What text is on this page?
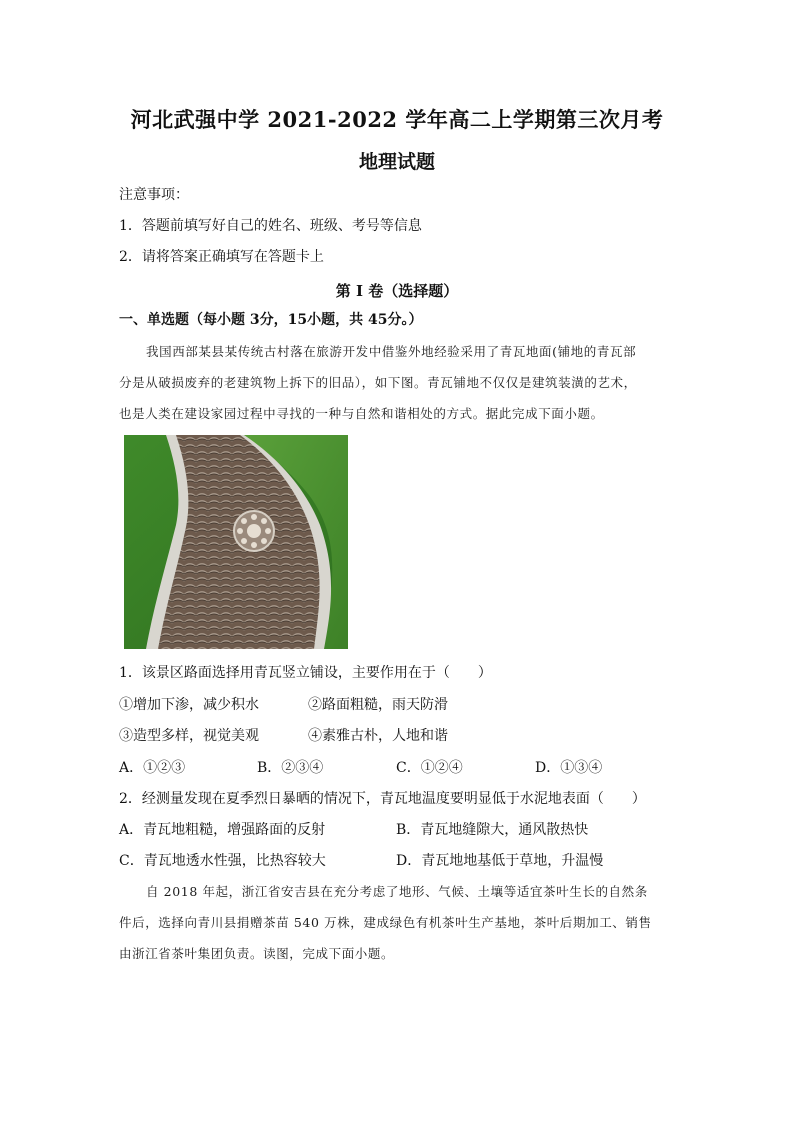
河北武强中学 2021-2022 学年高二上学期第三次月考
地理试题
注意事项：
1．答题前填写好自己的姓名、班级、考号等信息
2．请将答案正确填写在答题卡上
第 I 卷（选择题）
一、单选题（每小题 3分，15小题，共 45分。）
我国西部某县某传统古村落在旅游开发中借鉴外地经验采用了青瓦地面(铺地的青瓦部
分是从破损废弃的老建筑物上拆下的旧品），如下图。青瓦铺地不仅仅是建筑装潢的艺术，
也是人类在建设家园过程中寻找的一种与自然和谐相处的方式。据此完成下面小题。
1．该景区路面选择用青瓦竖立铺设，主要作用在于（　　）
①增加下渗，减少积水	②路面粗糙，雨天防滑
③造型多样，视觉美观	④素雅古朴，人地和谐
A．①②③	B．②③④	C．①②④	D．①③④
2．经测量发现在夏季烈日暴晒的情况下，青瓦地温度要明显低于水泥地表面（　　）
A．青瓦地粗糙，增强路面的反射	B．青瓦地缝隙大，通风散热快
C．青瓦地透水性强，比热容较大	D．青瓦地地基低于草地，升温慢
自 2018 年起，浙江省安吉县在充分考虑了地形、气候、土壤等适宜茶叶生长的自然条
件后，选择向青川县捐赠茶苗 540 万株，建成绿色有机茶叶生产基地，茶叶后期加工、销售
由浙江省茶叶集团负责。读图，完成下面小题。
